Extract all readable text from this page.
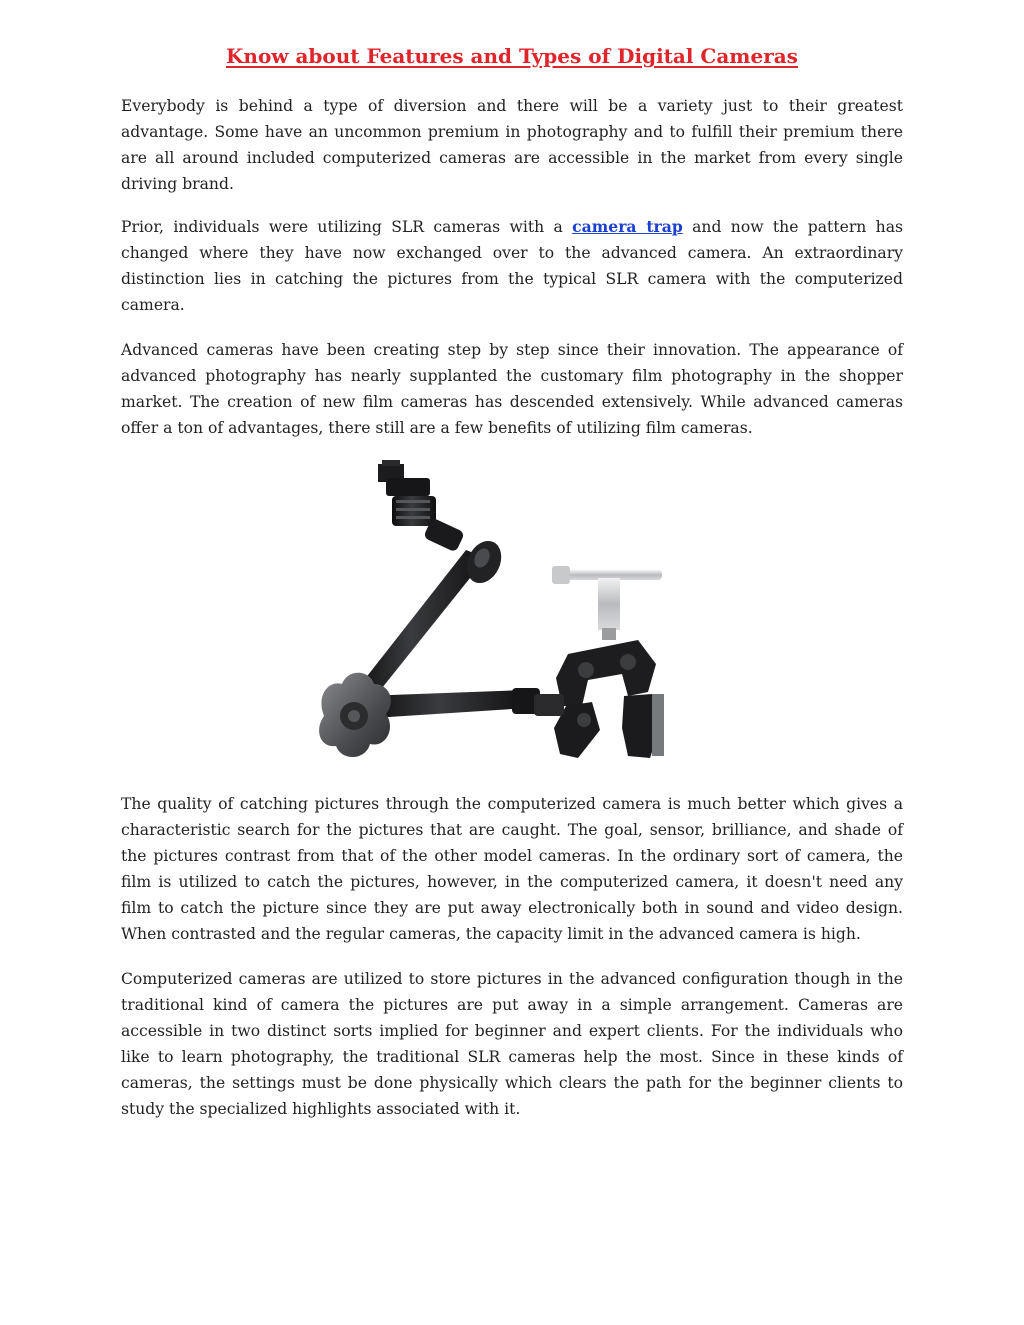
Know about Features and Types of Digital Cameras

Everybody is behind a type of diversion and there will be a variety just to their greatest advantage. Some have an uncommon premium in photography and to fulfill their premium there are all around included computerized cameras are accessible in the market from every single driving brand.

Prior, individuals were utilizing SLR cameras with a camera trap and now the pattern has changed where they have now exchanged over to the advanced camera. An extraordinary distinction lies in catching the pictures from the typical SLR camera with the computerized camera.

Advanced cameras have been creating step by step since their innovation. The appearance of advanced photography has nearly supplanted the customary film photography in the shopper market. The creation of new film cameras has descended extensively. While advanced cameras offer a ton of advantages, there still are a few benefits of utilizing film cameras.

The quality of catching pictures through the computerized camera is much better which gives a characteristic search for the pictures that are caught. The goal, sensor, brilliance, and shade of the pictures contrast from that of the other model cameras. In the ordinary sort of camera, the film is utilized to catch the pictures, however, in the computerized camera, it doesn't need any film to catch the picture since they are put away electronically both in sound and video design. When contrasted and the regular cameras, the capacity limit in the advanced camera is high.

Computerized cameras are utilized to store pictures in the advanced configuration though in the traditional kind of camera the pictures are put away in a simple arrangement. Cameras are accessible in two distinct sorts implied for beginner and expert clients. For the individuals who like to learn photography, the traditional SLR cameras help the most. Since in these kinds of cameras, the settings must be done physically which clears the path for the beginner clients to study the specialized highlights associated with it.
